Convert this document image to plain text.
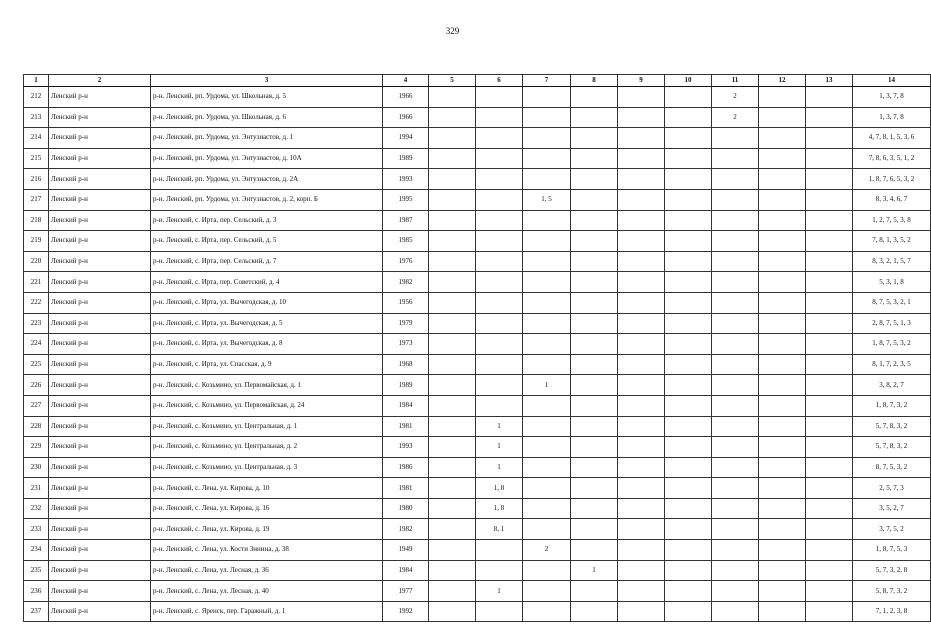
329
1	2	3	4	5	6	7	8	9	10	11	12	13	14
212	Ленский р-н	р-н. Ленский, рп. Урдома, ул. Школьная, д. 5	1966							2			1, 3, 7, 8
213	Ленский р-н	р-н. Ленский, рп. Урдома, ул. Школьная, д. 6	1966							2			1, 3, 7, 8
214	Ленский р-н	р-н. Ленский, рп. Урдома, ул. Энтузиастов, д. 1	1994										4, 7, 8, 1, 5, 3, 6
215	Ленский р-н	р-н. Ленский, рп. Урдома, ул. Энтузиастов, д. 10А	1989										7, 8, 6, 3, 5, 1, 2
216	Ленский р-н	р-н. Ленский, рп. Урдома, ул. Энтузиастов, д. 2А	1993										1, 8, 7, 6, 5, 3, 2
217	Ленский р-н	р-н. Ленский, рп. Урдома, ул. Энтузиастов, д. 2, корп. Б	1995			1, 5							8, 3, 4, 6, 7
218	Ленский р-н	р-н. Ленский, с. Ирта, пер. Сельский, д. 3	1987										1, 2, 7, 5, 3, 8
219	Ленский р-н	р-н. Ленский, с. Ирта, пер. Сельский, д. 5	1985										7, 8, 1, 3, 5, 2
220	Ленский р-н	р-н. Ленский, с. Ирта, пер. Сельский, д. 7	1976										8, 3, 2, 1, 5, 7
221	Ленский р-н	р-н. Ленский, с. Ирта, пер. Советский, д. 4	1982										5, 3, 1, 8
222	Ленский р-н	р-н. Ленский, с. Ирта, ул. Вычегодская, д. 10	1956										8, 7, 5, 3, 2, 1
223	Ленский р-н	р-н. Ленский, с. Ирта, ул. Вычегодская, д. 5	1979										2, 8, 7, 5, 1, 3
224	Ленский р-н	р-н. Ленский, с. Ирта, ул. Вычегодская, д. 8	1973										1, 8, 7, 5, 3, 2
225	Ленский р-н	р-н. Ленский, с. Ирта, ул. Спасская, д. 9	1968										8, 1, 7, 2, 3, 5
226	Ленский р-н	р-н. Ленский, с. Козьмино, ул. Первомайская, д. 1	1989			1							3, 8, 2, 7
227	Ленский р-н	р-н. Ленский, с. Козьмино, ул. Первомайская, д. 24	1984										1, 8, 7, 3, 2
228	Ленский р-н	р-н. Ленский, с. Козьмино, ул. Центральная, д. 1	1981		1								5, 7, 8, 3, 2
229	Ленский р-н	р-н. Ленский, с. Козьмино, ул. Центральная, д. 2	1993		1								5, 7, 8, 3, 2
230	Ленский р-н	р-н. Ленский, с. Козьмино, ул. Центральная, д. 3	1986		1								8, 7, 5, 3, 2
231	Ленский р-н	р-н. Ленский, с. Лена, ул. Кирова, д. 10	1981		1, 8								2, 5, 7, 3
232	Ленский р-н	р-н. Ленский, с. Лена, ул. Кирова, д. 16	1980		1, 8								3, 5, 2, 7
233	Ленский р-н	р-н. Ленский, с. Лена, ул. Кирова, д. 19	1982		8, 1								3, 7, 5, 2
234	Ленский р-н	р-н. Ленский, с. Лена, ул. Кости Зинина, д. 38	1949			2							1, 8, 7, 5, 3
235	Ленский р-н	р-н. Ленский, с. Лена, ул. Лесная, д. 36	1984				1						5, 7, 3, 2, 8
236	Ленский р-н	р-н. Ленский, с. Лена, ул. Лесная, д. 40	1977		1								5, 8, 7, 3, 2
237	Ленский р-н	р-н. Ленский, с. Яренск, пер. Гаражный, д. 1	1992										7, 1, 2, 3, 8
